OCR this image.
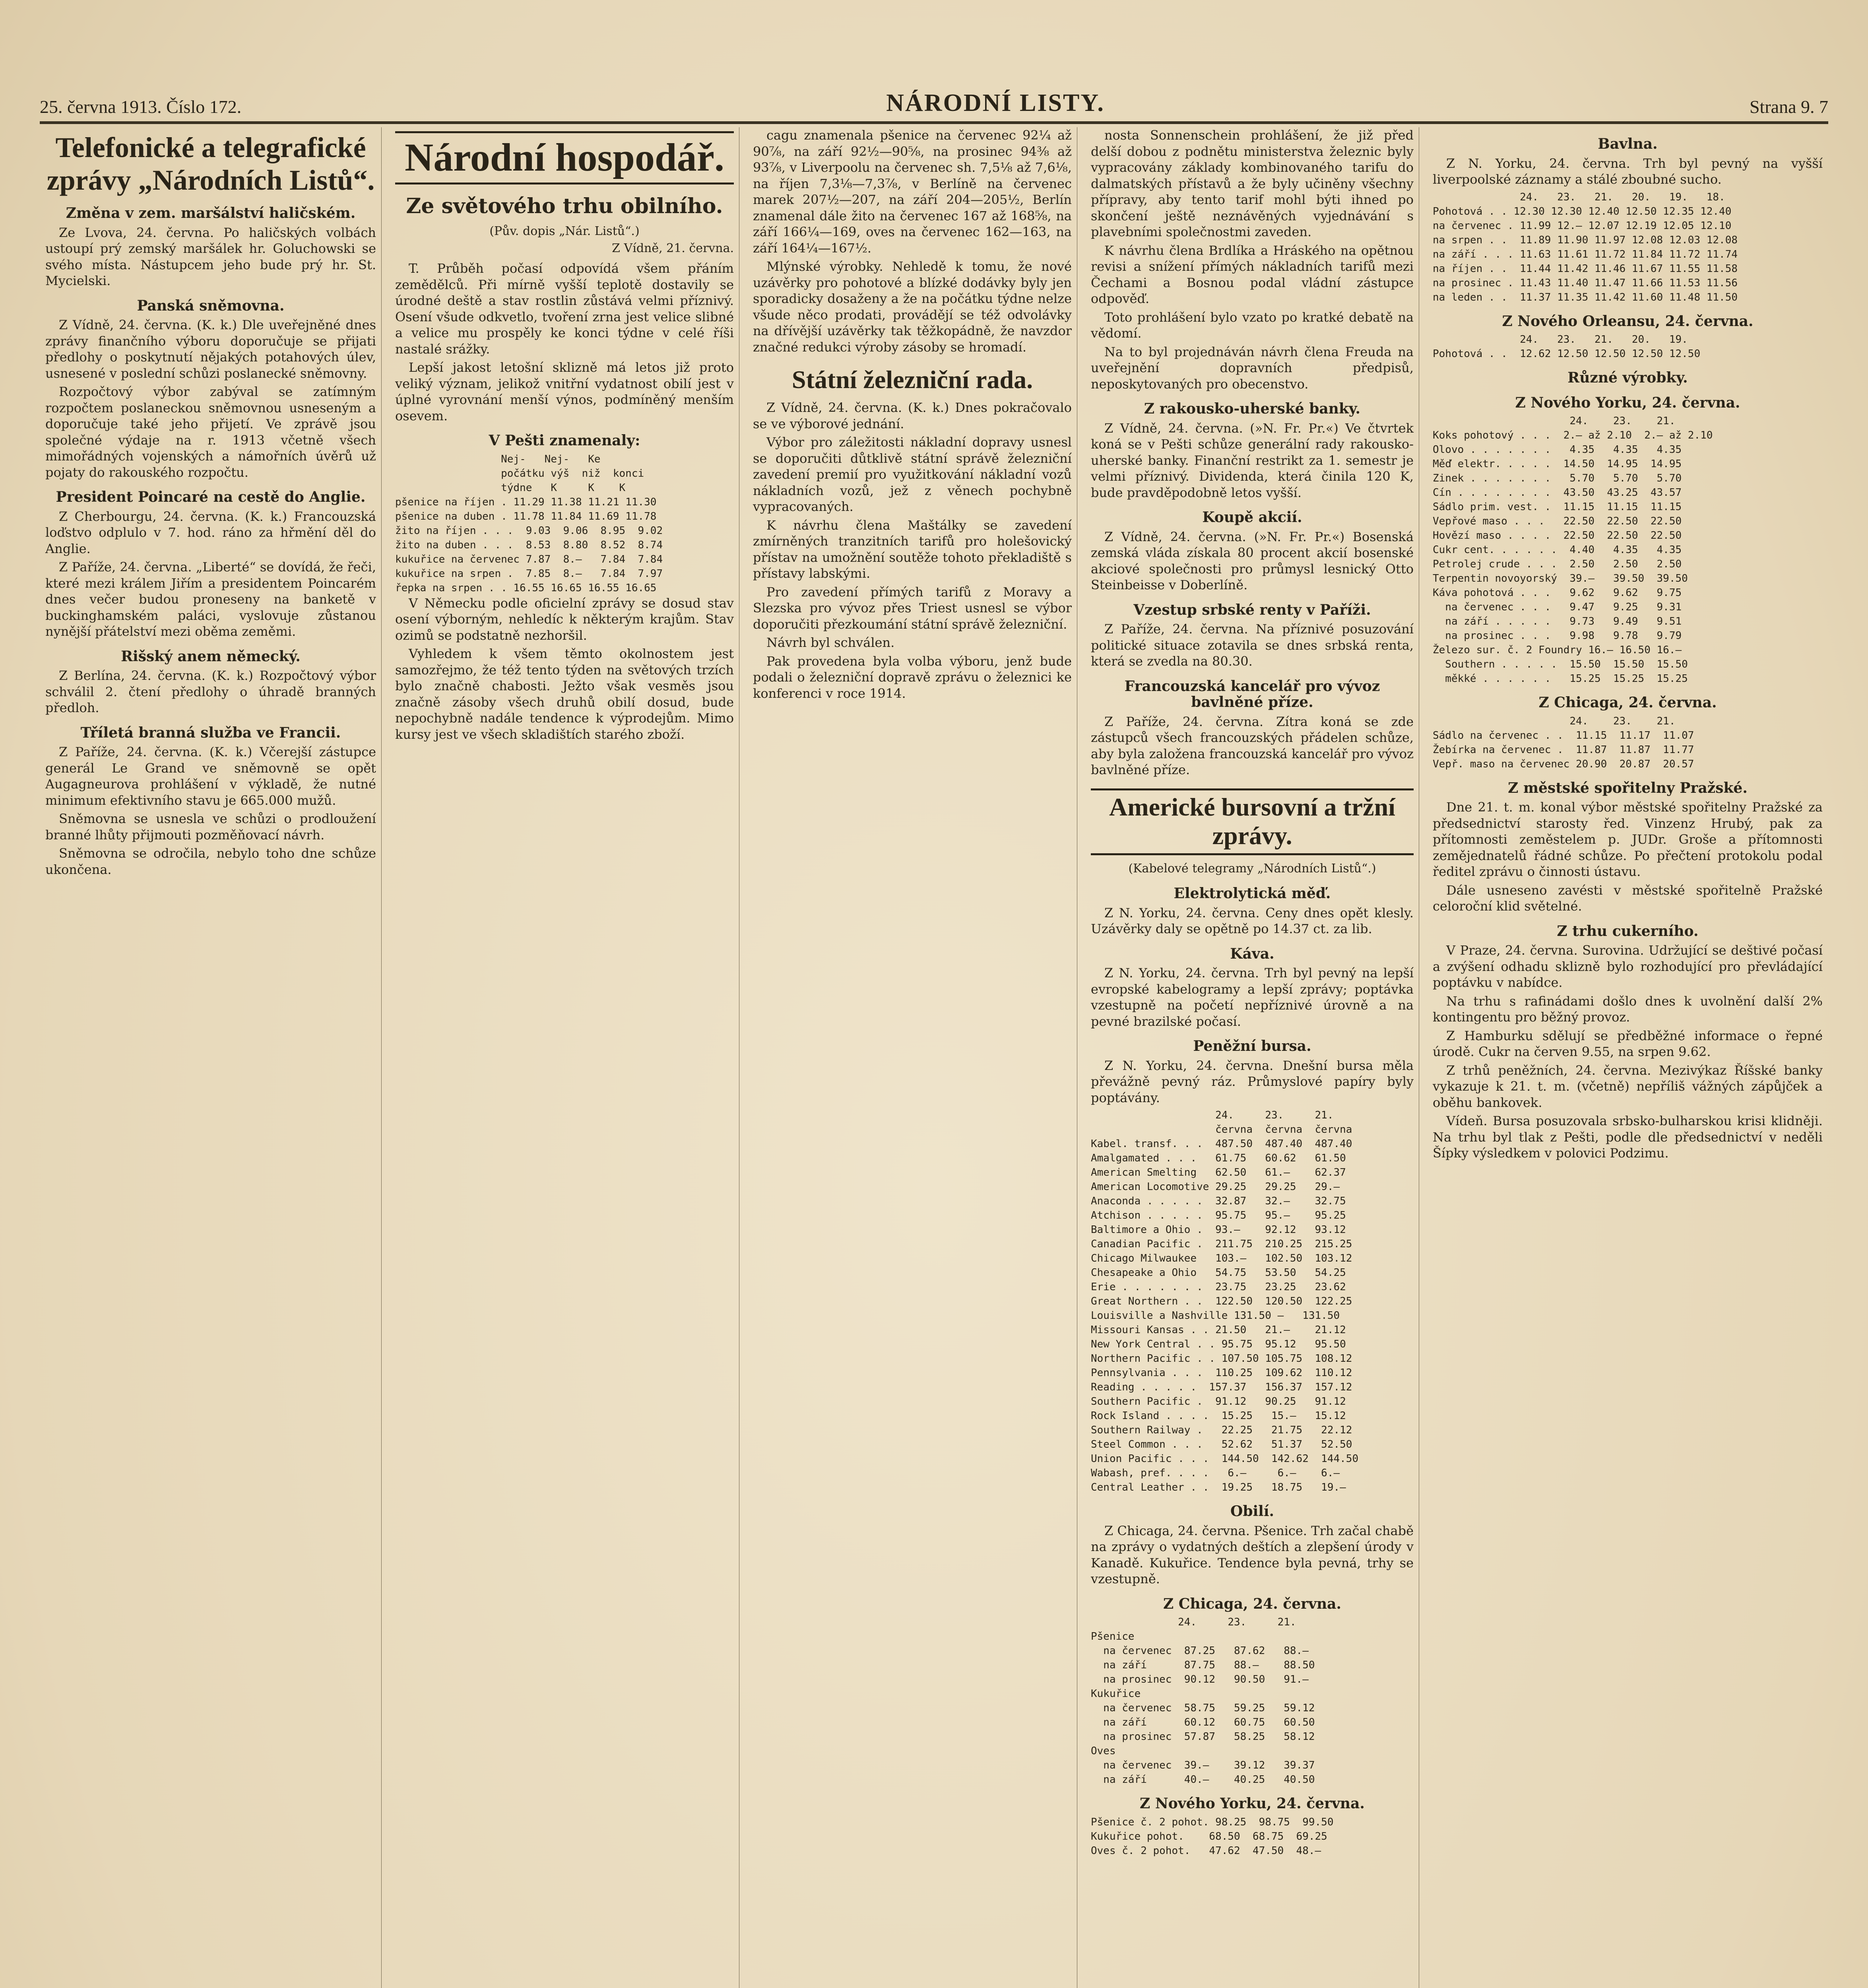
25. června 1913. Číslo 172.	NÁRODNÍ LISTY.	Strana 9. 7
Telefonické a telegrafické zprávy „Národních Listů“.
Změna v zem. maršálství haličském.

Ze Lvova, 24. června. Po haličských volbách ustoupí prý zemský maršálek hr. Goluchowski se svého místa. Nástupcem jeho bude prý hr. St. Mycielski.

Panská sněmovna.

Z Vídně, 24. června. (K. k.) Dle uveřejněné dnes zprávy finančního výboru doporučuje se přijati předlohy o poskytnutí nějakých potahových úlev, usnesené v poslední schůzi poslanecké sněmovny.

Rozpočtový výbor zabýval se zatímným rozpočtem poslaneckou sněmovnou usneseným a doporučuje také jeho přijetí. Ve zprávě jsou společné výdaje na r. 1913 včetně všech mimořádných vojenských a námořních úvěrů už pojaty do rakouského rozpočtu.

President Poincaré na cestě do Anglie.

Z Cherbourgu, 24. června. (K. k.) Francouzská loďstvo odplulo v 7. hod. ráno za hřmění děl do Anglie.

Z Paříže, 24. června. „Liberté“ se dovídá, že řeči, které mezi králem Jiřím a presidentem Poincarém dnes večer budou proneseny na banketě v buckinghamském paláci, vyslovuje zůstanou nynější přátelství mezi oběma zeměmi.

Rišský anem německý.

Z Berlína, 24. června. (K. k.) Rozpočtový výbor schválil 2. čtení předlohy o úhradě branných předloh.

Tříletá branná služba ve Francii.

Z Paříže, 24. června. (K. k.) Včerejší zástupce generál Le Grand ve sněmovně se opět Augagneurova prohlášení v výkladě, že nutné minimum efektivního stavu je 665.000 mužů.

Sněmovna se usnesla ve schůzi o prodloužení branné lhůty přijmouti pozměňovací návrh.

Sněmovna se odročila, nebylo toho dne schůze ukončena.

Národní hospodář.
Ze světového trhu obilního.
(Pův. dopis „Nár. Listů“.)
Z Vídně, 21. června.

T. Průběh počasí odpovídá všem přáním zemědělců. Při mírně vyšší teplotě dostavily se úrodné deště a stav rostlin zůstává velmi příznivý. Osení všude odkvetlo, tvoření zrna jest velice slibné a velice mu prospěly ke konci týdne v celé říši nastalé srážky.

Lepší jakost letošní sklizně má letos již proto veliký význam, jelikož vnitřní vydatnost obilí jest v úplné vyrovnání menší výnos, podmíněný menším osevem.

V Pešti znamenaly:
Nej-   Nej-   Ke
počátku výš  niž  konci
týdne   K     K    K
pšenice na říjen . 11.29 11.38 11.21 11.30
pšenice na duben . 11.78 11.84 11.69 11.78
žito na říjen . . .  9.03  9.06  8.95  9.02
žito na duben . . .  8.53  8.80  8.52  8.74
kukuřice na červenec 7.87  8.—   7.84  7.84
kukuřice na srpen .  7.85  8.—   7.84  7.97
řepka na srpen . . 16.55 16.65 16.55 16.65

V Německu podle oficielní zprávy se dosud stav osení výborným, nehledíc k některým krajům. Stav ozimů se podstatně nezhoršil.

Vyhledem k všem těmto okolnostem jest samozřejmo, že též tento týden na světových trzích bylo značně chabosti. Ježto však vesměs jsou značně zásoby všech druhů obilí dosud, bude nepochybně nadále tendence k výprodejům. Mimo kursy jest ve všech skladištích starého zboží.

cagu znamenala pšenice na červenec 92¼ až 90⅞, na září 92½—90⅝, na prosinec 94⅜ až 93⅞, v Liverpoolu na červenec sh. 7,5⅛ až 7,6⅛, na říjen 7,3⅛—7,3⅞, v Berlíně na červenec marek 207½—207, na září 204—205½, Berlín znamenal dále žito na červenec 167 až 168⅝, na září 166¼—169, oves na červenec 162—163, na září 164¼—167½.

Mlýnské výrobky. Nehledě k tomu, že nové uzávěrky pro pohotové a blízké dodávky byly jen sporadicky dosaženy a že na počátku týdne nelze všude něco prodati, provádějí se též odvolávky na dřívější uzávěrky tak těžkopádně, že navzdor značné redukci výroby zásoby se hromadí.

Státní železniční rada.

Z Vídně, 24. června. (K. k.) Dnes pokračovalo se ve výborové jednání.

Výbor pro záležitosti nákladní dopravy usnesl se doporučiti důtklivě státní správě železniční zavedení premií pro využitkování nákladní vozů nákladních vozů, jež z věnech pochybně vypracovaných.

K návrhu člena Maštálky se zavedení zmírněných tranzitních tarifů pro holešovický přístav na umožnění soutěže tohoto překladiště s přístavy labskými.

Pro zavedení přímých tarifů z Moravy a Slezska pro vývoz přes Triest usnesl se výbor doporučiti přezkoumání státní správě železniční.

Návrh byl schválen.

Pak provedena byla volba výboru, jenž bude podali o železniční dopravě zprávu o železnici ke konferenci v roce 1914.

nosta Sonnenschein prohlášení, že již před delší dobou z podnětu ministerstva železnic byly vypracovány základy kombinovaného tarifu do dalmatských přístavů a že byly učiněny všechny přípravy, aby tento tarif mohl býti ihned po skončení ještě neznávěných vyjednávání s plavebními společnostmi zaveden.

K návrhu člena Brdlíka a Hráského na opětnou revisi a snížení přímých nákladních tarifů mezi Čechami a Bosnou podal vládní zástupce odpověď.

Toto prohlášení bylo vzato po kratké debatě na vědomí.

Na to byl projednáván návrh člena Freuda na uveřejnění dopravních předpisů, neposkytovaných pro obecenstvo.

Z rakousko-uherské banky.

Z Vídně, 24. června. (»N. Fr. Pr.«) Ve čtvrtek koná se v Pešti schůze generální rady rakousko-uherské banky. Finanční restrikt za 1. semestr je velmi příznivý. Dividenda, která činila 120 K, bude pravděpodobně letos vyšší.

Koupě akcií.

Z Vídně, 24. června. (»N. Fr. Pr.«) Bosenská zemská vláda získala 80 procent akcií bosenské akciové společnosti pro průmysl lesnický Otto Steinbeisse v Doberlíně.

Vzestup srbské renty v Paříži.

Z Paříže, 24. června. Na příznivé posuzování politické situace zotavila se dnes srbská renta, která se zvedla na 80.30.

Francouzská kancelář pro vývoz bavlněné příze.

Z Paříže, 24. června. Zítra koná se zde zástupců všech francouzských přádelen schůze, aby byla založena francouzská kancelář pro vývoz bavlněné příze.

Americké bursovní a tržní zprávy.
(Kabelové telegramy „Národních Listů“.)
Elektrolytická měď.

Z N. Yorku, 24. června. Ceny dnes opět klesly. Uzávěrky daly se opětně po 14.37 ct. za lib.

Káva.

Z N. Yorku, 24. června. Trh byl pevný na lepší evropské kabelogramy a lepší zprávy; poptávka vzestupně na početí nepříznivé úrovně a na pevné brazilské počasí.

Peněžní bursa.

Z N. Yorku, 24. června. Dnešní bursa měla převážně pevný ráz. Průmyslové papíry byly poptávány.

24.     23.     21.
června  června  června
Kabel. transf. . .  487.50  487.40  487.40
Amalgamated . . .   61.75   60.62   61.50
American Smelting   62.50   61.—    62.37
American Locomotive 29.25   29.25   29.—
Anaconda . . . . .  32.87   32.—    32.75
Atchison . . . . .  95.75   95.—    95.25
Baltimore a Ohio .  93.—    92.12   93.12
Canadian Pacific .  211.75  210.25  215.25
Chicago Milwaukee   103.—   102.50  103.12
Chesapeake a Ohio   54.75   53.50   54.25
Erie . . . . . . .  23.75   23.25   23.62
Great Northern . .  122.50  120.50  122.25
Louisville a Nashville 131.50 —   131.50
Missouri Kansas . . 21.50   21.—    21.12
New York Central . . 95.75  95.12   95.50
Northern Pacific . . 107.50 105.75  108.12
Pennsylvania . . .  110.25  109.62  110.12
Reading . . . . .  157.37   156.37  157.12
Southern Pacific .  91.12   90.25   91.12
Rock Island . . . .  15.25   15.—   15.12
Southern Railway .   22.25   21.75   22.12
Steel Common . . .   52.62   51.37   52.50
Union Pacific . . .  144.50  142.62  144.50
Wabash, pref. . . .   6.—     6.—    6.—
Central Leather . .  19.25   18.75   19.—
Obilí.

Z Chicaga, 24. června. Pšenice. Trh začal chabě na zprávy o vydatných deštích a zlepšení úrody v Kanadě. Kukuřice. Tendence byla pevná, trhy se vzestupně.

Z Chicaga, 24. června.
24.     23.     21.
Pšenice
na červenec  87.25   87.62   88.—
na září      87.75   88.—    88.50
na prosinec  90.12   90.50   91.—
Kukuřice
na červenec  58.75   59.25   59.12
na září      60.12   60.75   60.50
na prosinec  57.87   58.25   58.12
Oves
na červenec  39.—    39.12   39.37
na září      40.—    40.25   40.50
Z Nového Yorku, 24. června.
Pšenice č. 2 pohot. 98.25  98.75  99.50
Kukuřice pohot.    68.50  68.75  69.25
Oves č. 2 pohot.   47.62  47.50  48.—
Bavlna.

Z N. Yorku, 24. června. Trh byl pevný na vyšší liverpoolské záznamy a stálé zboubné sucho.

24.   23.   21.   20.   19.   18.
Pohotová . . 12.30 12.30 12.40 12.50 12.35 12.40
na červenec . 11.99 12.— 12.07 12.19 12.05 12.10
na srpen . .  11.89 11.90 11.97 12.08 12.03 12.08
na září . . . 11.63 11.61 11.72 11.84 11.72 11.74
na říjen . .  11.44 11.42 11.46 11.67 11.55 11.58
na prosinec . 11.43 11.40 11.47 11.66 11.53 11.56
na leden . .  11.37 11.35 11.42 11.60 11.48 11.50
Z Nového Orleansu, 24. června.
24.   23.   21.   20.   19.
Pohotová . .  12.62 12.50 12.50 12.50 12.50
Různé výrobky.
Z Nového Yorku, 24. června.
24.    23.    21.
Koks pohotový . . .  2.— až 2.10  2.— až 2.10
Olovo . . . . . . .   4.35   4.35   4.35
Měď elektr. . . . .  14.50  14.95  14.95
Zinek . . . . . . .   5.70   5.70   5.70
Cín . . . . . . . .  43.50  43.25  43.57
Sádlo prim. vest. .  11.15  11.15  11.15
Vepřové maso . . .   22.50  22.50  22.50
Hovězí maso . . . .  22.50  22.50  22.50
Cukr cent. . . . . .  4.40   4.35   4.35
Petrolej crude . . .  2.50   2.50   2.50
Terpentin novoyorský  39.—   39.50  39.50
Káva pohotová . . .   9.62   9.62   9.75
na červenec . . .   9.47   9.25   9.31
na září . . . . .   9.73   9.49   9.51
na prosinec . . .   9.98   9.78   9.79
Železo sur. č. 2 Foundry 16.— 16.50 16.—
Southern . . . . .  15.50  15.50  15.50
měkké . . . . . .   15.25  15.25  15.25
Z Chicaga, 24. června.
24.    23.    21.
Sádlo na červenec . .  11.15  11.17  11.07
Žebírka na červenec .  11.87  11.87  11.77
Vepř. maso na červenec 20.90  20.87  20.57
Z městské spořitelny Pražské.

Dne 21. t. m. konal výbor městské spořitelny Pražské za předsednictví starosty řed. Vinzenz Hrubý, pak za přítomnosti zeměstelem p. JUDr. Groše a přítomnosti zemějednatelů řádné schůze. Po přečtení protokolu podal ředitel zprávu o činnosti ústavu.

Dále usneseno zavésti v městské spořitelně Pražské celoroční klid světelné.

Z trhu cukerního.

V Praze, 24. června. Surovina. Udržující se deštivé počasí a zvýšení odhadu sklizně bylo rozhodující pro převládající poptávku v nabídce.

Na trhu s rafinádami došlo dnes k uvolnění další 2% kontingentu pro běžný provoz.

Z Hamburku sdělují se předběžné informace o řepné úrodě. Cukr na červen 9.55, na srpen 9.62.

Z trhů peněžních, 24. června. Mezivýkaz Říšské banky vykazuje k 21. t. m. (včetně) nepříliš vážných zápůjček a oběhu bankovek.

Vídeň. Bursa posuzovala srbsko-bulharskou krisi klidněji. Na trhu byl tlak z Pešti, podle dle předsednictví v neděli Šípky výsledkem v polovici Podzimu.
